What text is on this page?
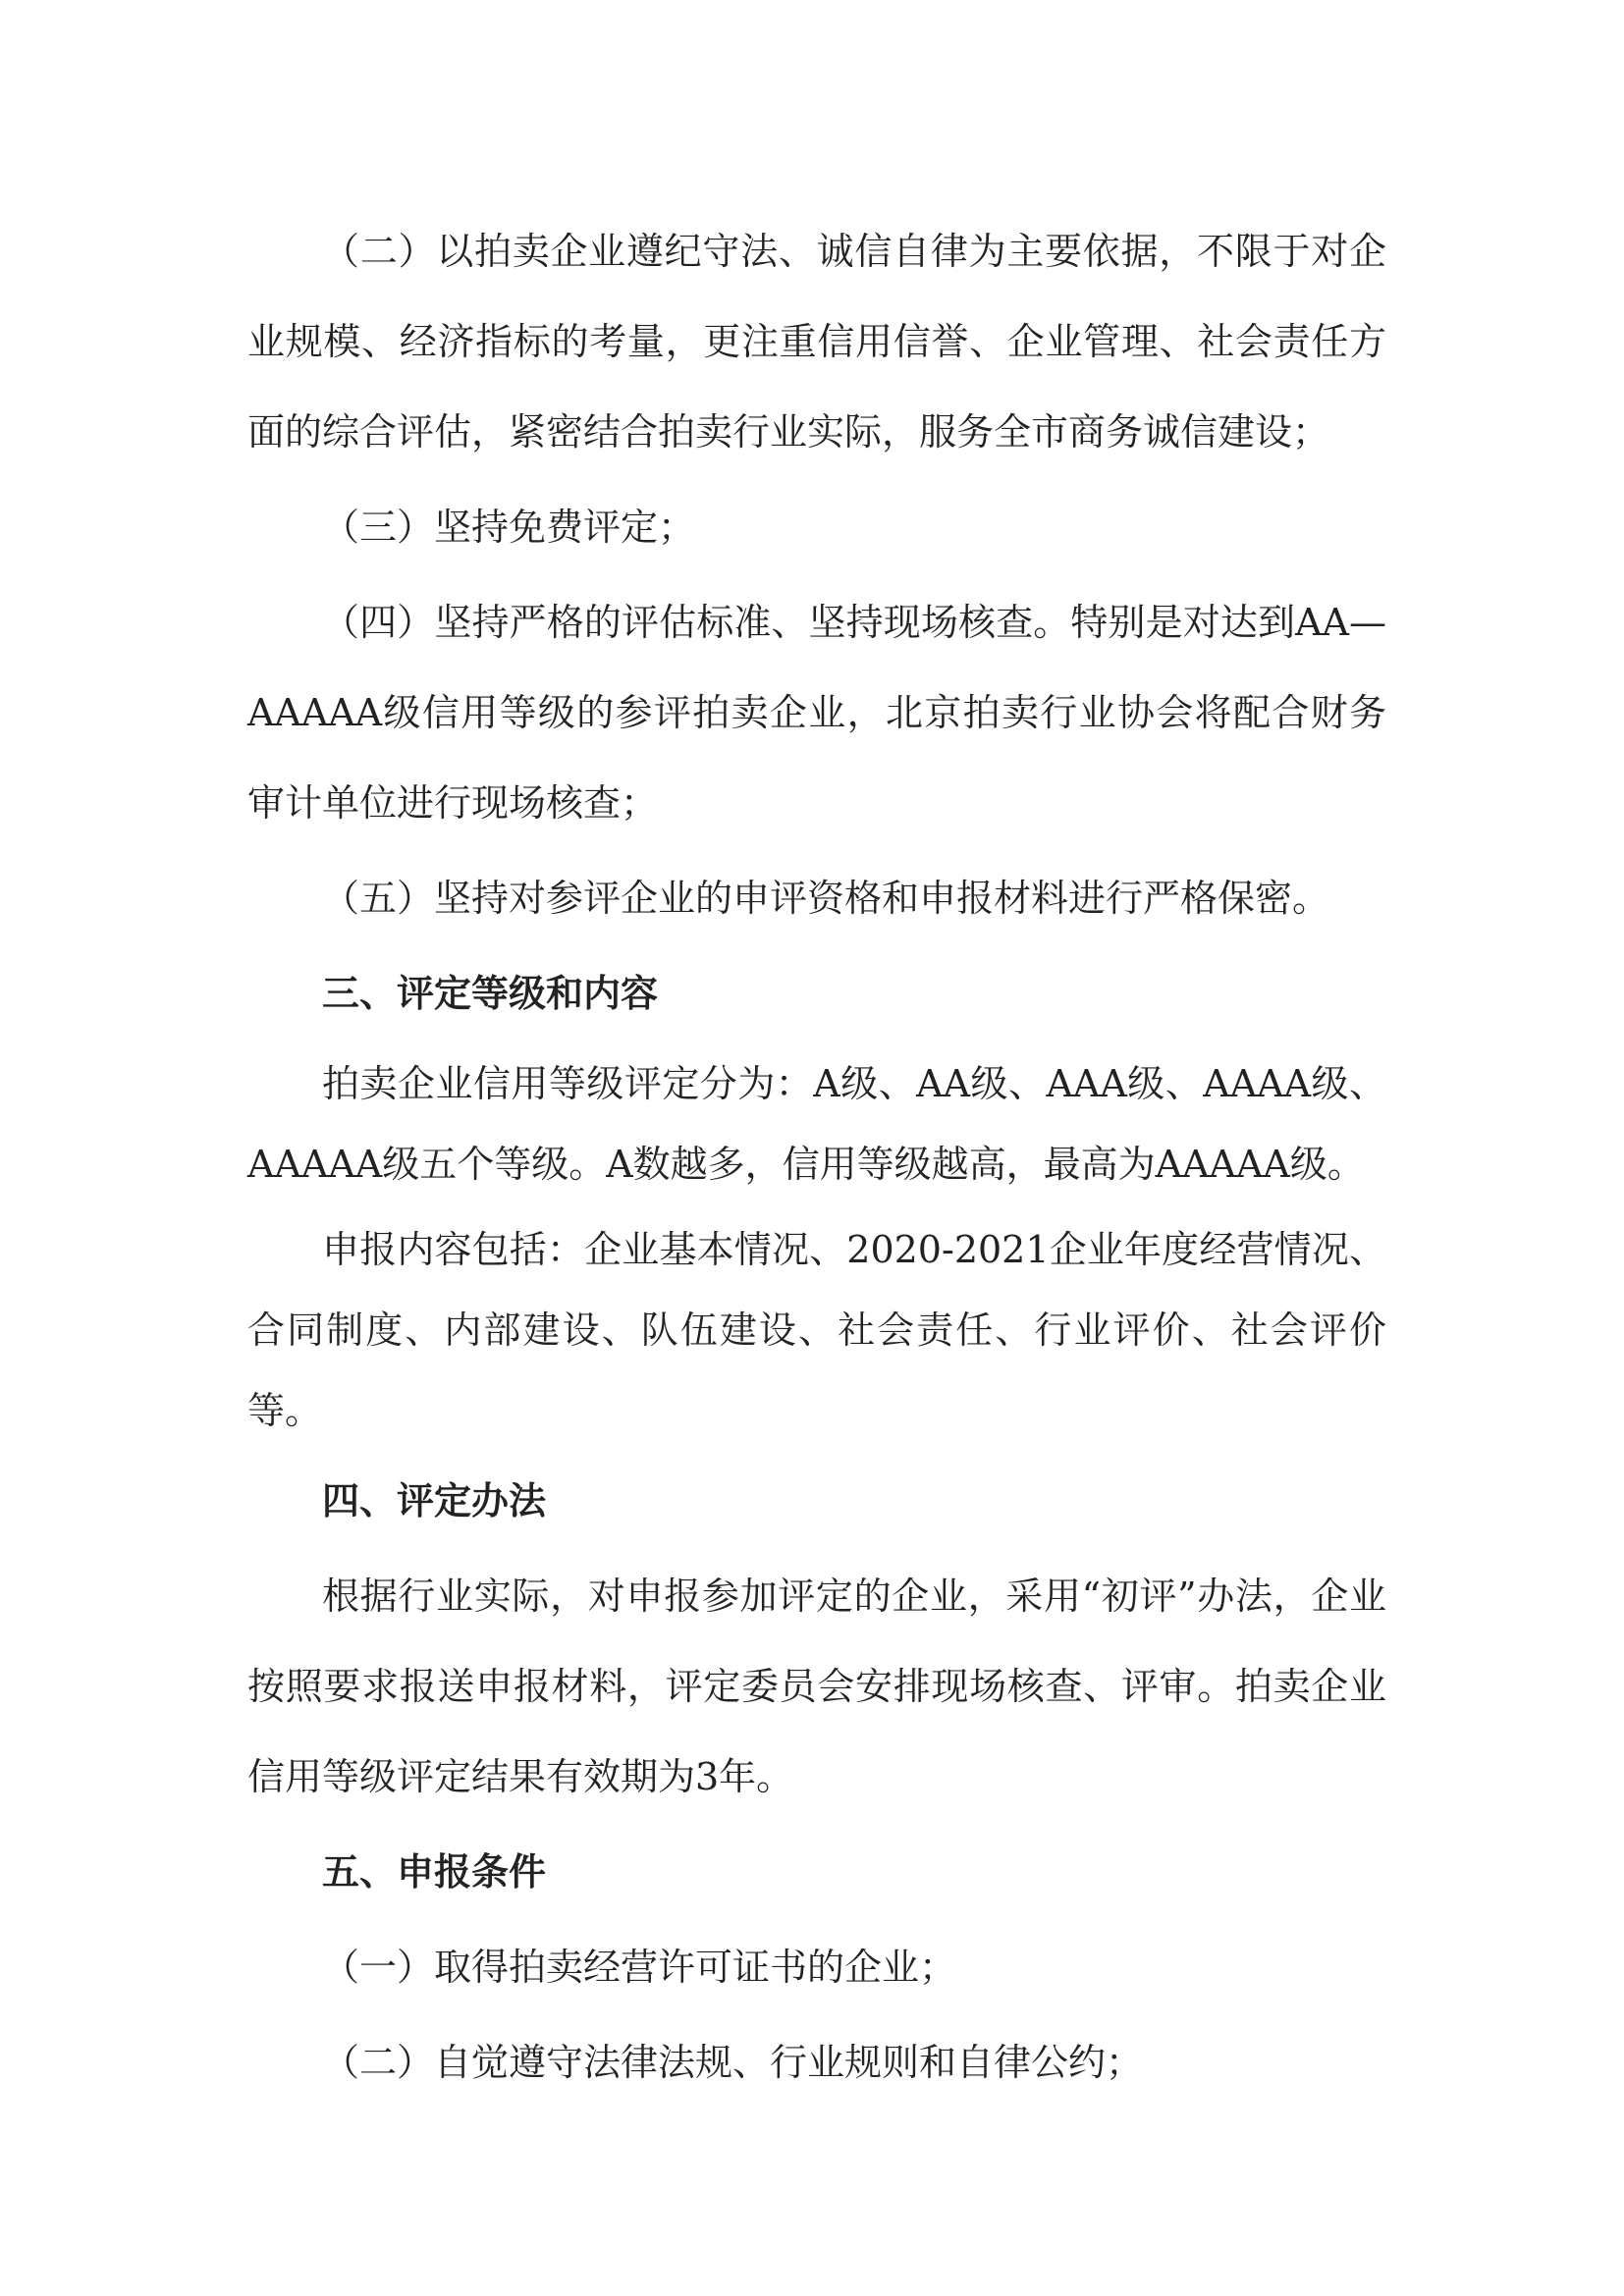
（二）以拍卖企业遵纪守法、诚信自律为主要依据，不限于对企业规模、经济指标的考量，更注重信用信誉、企业管理、社会责任方面的综合评估，紧密结合拍卖行业实际，服务全市商务诚信建设；

（三）坚持免费评定；

（四）坚持严格的评估标准、坚持现场核查。特别是对达到AA—AAAAA级信用等级的参评拍卖企业，北京拍卖行业协会将配合财务审计单位进行现场核查；

（五）坚持对参评企业的申评资格和申报材料进行严格保密。

三、评定等级和内容

拍卖企业信用等级评定分为：A级、AA级、AAA级、AAAA级、AAAAA级五个等级。A数越多，信用等级越高，最高为AAAAA级。

申报内容包括：企业基本情况、2020-2021企业年度经营情况、合同制度、内部建设、队伍建设、社会责任、行业评价、社会评价等。

四、评定办法

根据行业实际，对申报参加评定的企业，采用“初评”办法，企业按照要求报送申报材料，评定委员会安排现场核查、评审。拍卖企业信用等级评定结果有效期为3年。

五、申报条件

（一）取得拍卖经营许可证书的企业；

（二）自觉遵守法律法规、行业规则和自律公约；
